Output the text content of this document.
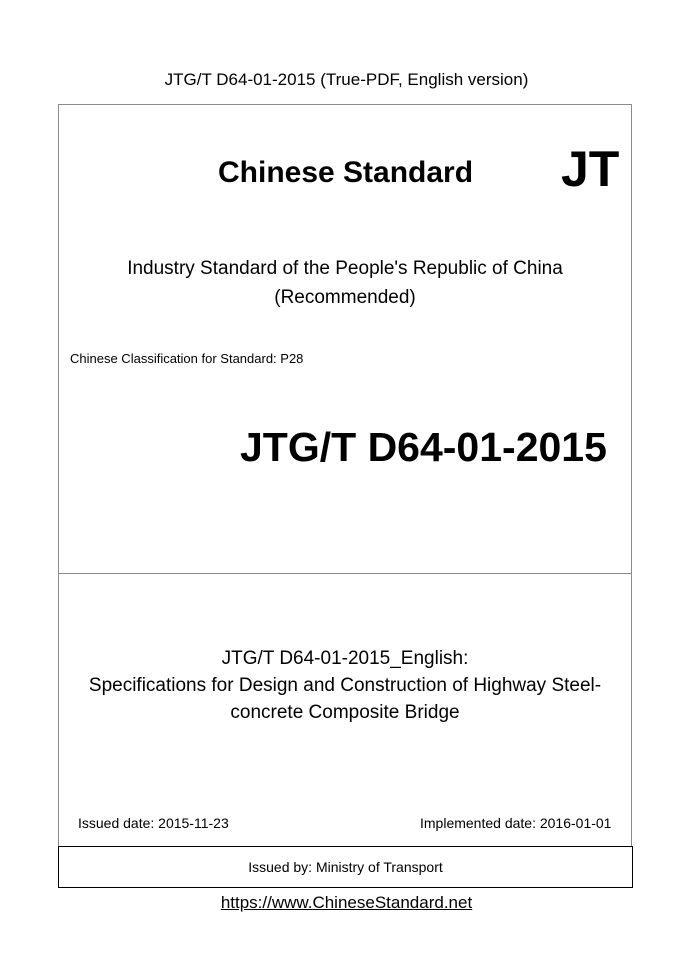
JTG/T D64-01-2015 (True-PDF, English version)
Chinese Standard JT
Industry Standard of the People's Republic of China
(Recommended)
Chinese Classification for Standard: P28
JTG/T D64-01-2015
JTG/T D64-01-2015_English:
Specifications for Design and Construction of Highway Steel-
concrete Composite Bridge
Issued date: 2015-11-23	Implemented date: 2016-01-01
Issued by: Ministry of Transport
https://www.ChineseStandard.net
